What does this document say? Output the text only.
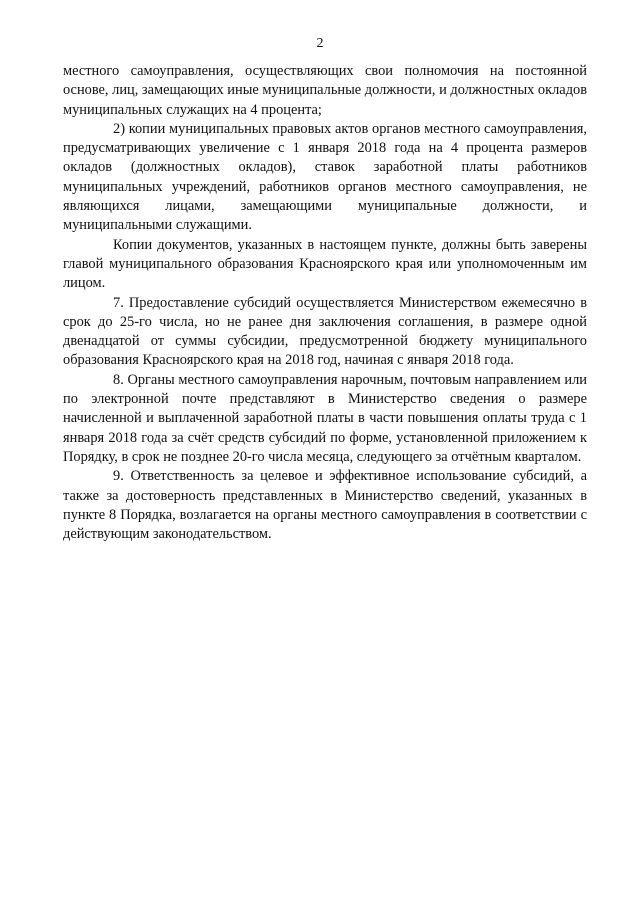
2

местного самоуправления, осуществляющих свои полномочия на постоянной основе, лиц, замещающих иные муниципальные должности, и должностных окладов муниципальных служащих на 4 процента;

2) копии муниципальных правовых актов органов местного самоуправления, предусматривающих увеличение с 1 января 2018 года на 4 процента размеров окладов (должностных окладов), ставок заработной платы работников муниципальных учреждений, работников органов местного самоуправления, не являющихся лицами, замещающими муниципальные должности, и муниципальными служащими.

Копии документов, указанных в настоящем пункте, должны быть заверены главой муниципального образования Красноярского края или уполномоченным им лицом.

7. Предоставление субсидий осуществляется Министерством ежемесячно в срок до 25-го числа, но не ранее дня заключения соглашения, в размере одной двенадцатой от суммы субсидии, предусмотренной бюджету муниципального образования Красноярского края на 2018 год, начиная с января 2018 года.

8. Органы местного самоуправления нарочным, почтовым направлением или по электронной почте представляют в Министерство сведения о размере начисленной и выплаченной заработной платы в части повышения оплаты труда с 1 января 2018 года за счёт средств субсидий по форме, установленной приложением к Порядку, в срок не позднее 20-го числа месяца, следующего за отчётным кварталом.

9. Ответственность за целевое и эффективное использование субсидий, а также за достоверность представленных в Министерство сведений, указанных в пункте 8 Порядка, возлагается на органы местного самоуправления в соответствии с действующим законодательством.
